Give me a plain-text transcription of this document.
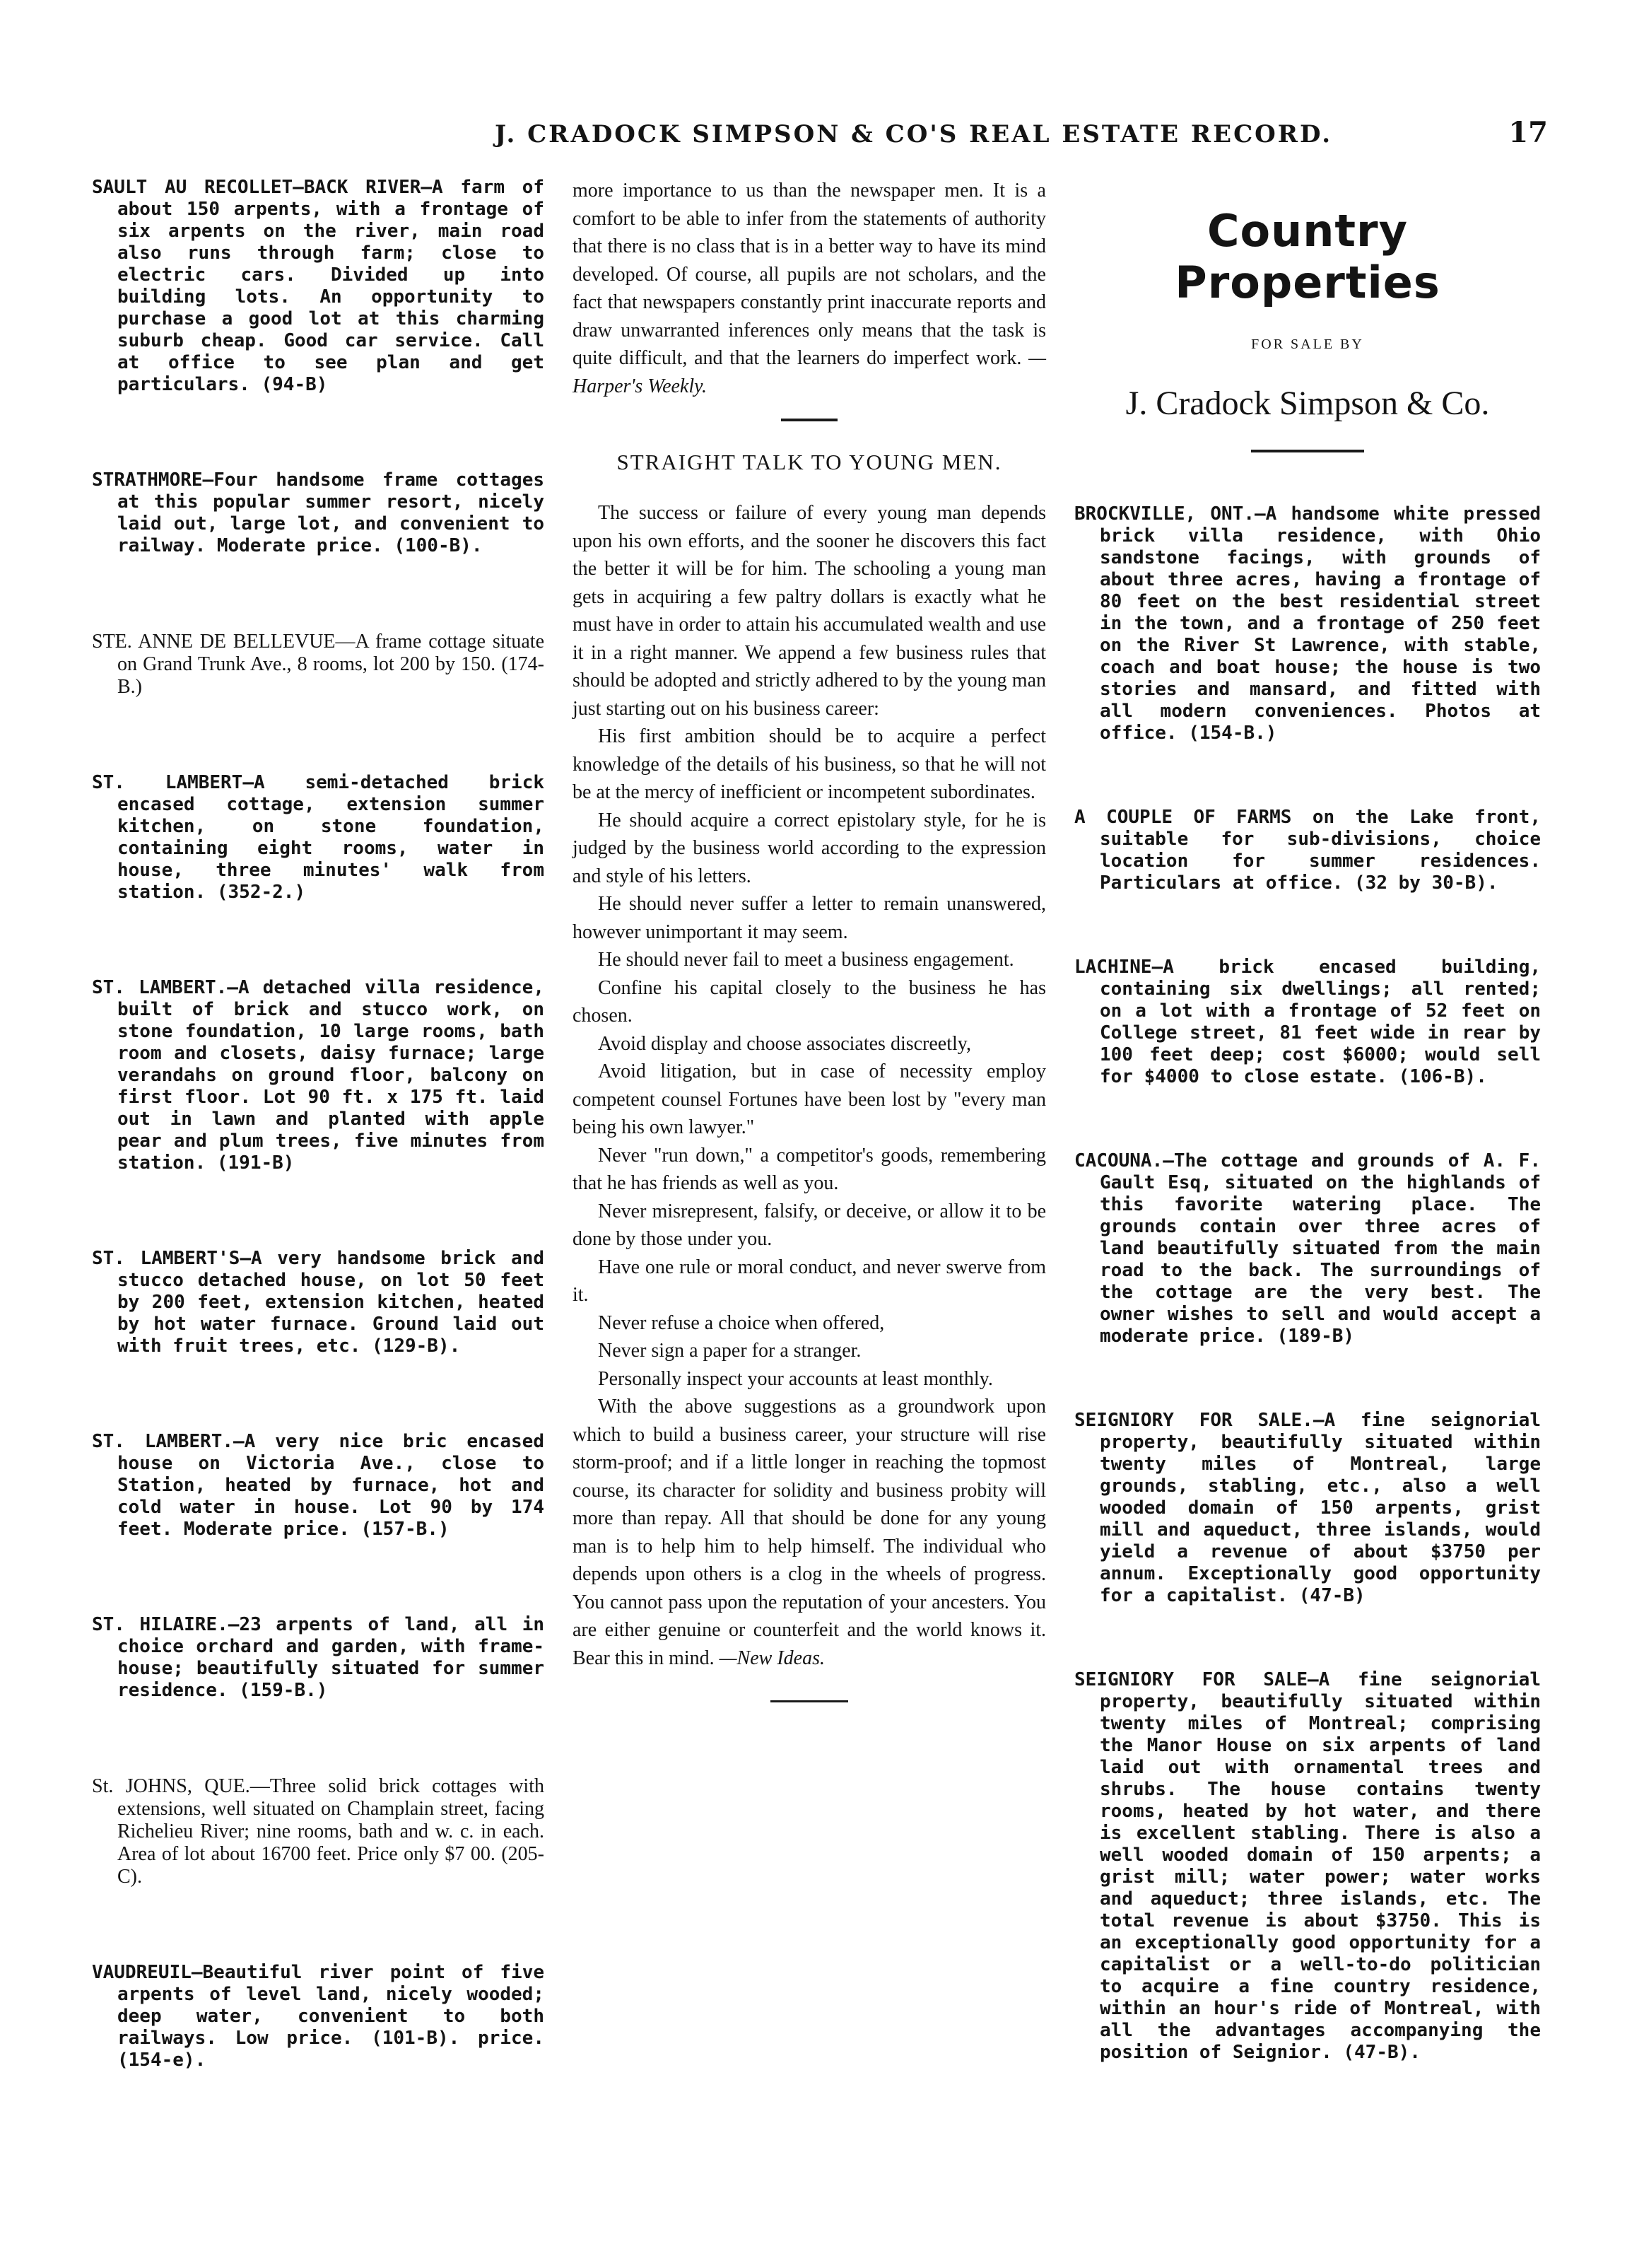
J. CRADOCK SIMPSON & CO'S REAL ESTATE RECORD.	17

SAULT AU RECOLLET—BACK RIVER—A farm of about 150 arpents, with a frontage of six arpents on the river, main road also runs through farm; close to electric cars. Divided up into building lots. An opportunity to purchase a good lot at this charming suburb cheap. Good car service. Call at office to see plan and get particulars. (94-B)

STRATHMORE—Four handsome frame cottages at this popular summer resort, nicely laid out, large lot, and convenient to railway. Moderate price. (100-B).

STE. ANNE DE BELLEVUE—A frame cottage situate on Grand Trunk Ave., 8 rooms, lot 200 by 150. (174-B.)

ST. LAMBERT—A semi-detached brick encased cottage, extension summer kitchen, on stone foundation, containing eight rooms, water in house, three minutes' walk from station. (352-2.)

ST. LAMBERT.—A detached villa residence, built of brick and stucco work, on stone foundation, 10 large rooms, bath room and closets, daisy furnace; large verandahs on ground floor, balcony on first floor. Lot 90 ft. x 175 ft. laid out in lawn and planted with apple pear and plum trees, five minutes from station. (191-B)

ST. LAMBERT'S—A very handsome brick and stucco detached house, on lot 50 feet by 200 feet, extension kitchen, heated by hot water furnace. Ground laid out with fruit trees, etc. (129-B).

ST. LAMBERT.—A very nice bric encased house on Victoria Ave., close to Station, heated by furnace, hot and cold water in house. Lot 90 by 174 feet. Moderate price. (157-B.)

ST. HILAIRE.—23 arpents of land, all in choice orchard and garden, with frame-house; beautifully situated for summer residence. (159-B.)

St. JOHNS, QUE.—Three solid brick cottages with extensions, well situated on Champlain street, facing Richelieu River; nine rooms, bath and w. c. in each. Area of lot about 16700 feet. Price only $7 00. (205-C).

VAUDREUIL—Beautiful river point of five arpents of level land, nicely wooded; deep water, convenient to both railways. Low price. (101-B). price. (154-e).

more importance to us than the newspaper men. It is a comfort to be able to infer from the statements of authority that there is no class that is in a better way to have its mind developed. Of course, all pupils are not scholars, and the fact that newspapers constantly print inaccurate reports and draw unwarranted inferences only means that the task is quite difficult, and that the learners do imperfect work. —Harper's Weekly.

STRAIGHT TALK TO YOUNG MEN.

The success or failure of every young man depends upon his own efforts, and the sooner he discovers this fact the better it will be for him. The schooling a young man gets in acquiring a few paltry dollars is exactly what he must have in order to attain his accumulated wealth and use it in a right manner. We append a few business rules that should be adopted and strictly adhered to by the young man just starting out on his business career:

His first ambition should be to acquire a perfect knowledge of the details of his business, so that he will not be at the mercy of inefficient or incompetent subordinates.

He should acquire a correct epistolary style, for he is judged by the business world according to the expression and style of his letters.

He should never suffer a letter to remain unanswered, however unimportant it may seem.

He should never fail to meet a business engagement.

Confine his capital closely to the business he has chosen.

Avoid display and choose associates discreetly,

Avoid litigation, but in case of necessity employ competent counsel Fortunes have been lost by "every man being his own lawyer."

Never "run down," a competitor's goods, remembering that he has friends as well as you.

Never misrepresent, falsify, or deceive, or allow it to be done by those under you.

Have one rule or moral conduct, and never swerve from it.

Never refuse a choice when offered,

Never sign a paper for a stranger.

Personally inspect your accounts at least monthly.

With the above suggestions as a groundwork upon which to build a business career, your structure will rise storm-proof; and if a little longer in reaching the topmost course, its character for solidity and business probity will more than repay. All that should be done for any young man is to help him to help himself. The individual who depends upon others is a clog in the wheels of progress. You cannot pass upon the reputation of your ancesters. You are either genuine or counterfeit and the world knows it. Bear this in mind. —New Ideas.

Country Properties
FOR SALE BY
J. Cradock Simpson & Co.

BROCKVILLE, ONT.—A handsome white pressed brick villa residence, with Ohio sandstone facings, with grounds of about three acres, having a frontage of 80 feet on the best residential street in the town, and a frontage of 250 feet on the River St Lawrence, with stable, coach and boat house; the house is two stories and mansard, and fitted with all modern conveniences. Photos at office. (154-B.)

A COUPLE OF FARMS on the Lake front, suitable for sub-divisions, choice location for summer residences. Particulars at office. (32 by 30-B).

LACHINE—A brick encased building, containing six dwellings; all rented; on a lot with a frontage of 52 feet on College street, 81 feet wide in rear by 100 feet deep; cost $6000; would sell for $4000 to close estate. (106-B).

CACOUNA.—The cottage and grounds of A. F. Gault Esq, situated on the highlands of this favorite watering place. The grounds contain over three acres of land beautifully situated from the main road to the back. The surroundings of the cottage are the very best. The owner wishes to sell and would accept a moderate price. (189-B)

SEIGNIORY FOR SALE.—A fine seignorial property, beautifully situated within twenty miles of Montreal, large grounds, stabling, etc., also a well wooded domain of 150 arpents, grist mill and aqueduct, three islands, would yield a revenue of about $3750 per annum. Exceptionally good opportunity for a capitalist. (47-B)

SEIGNIORY FOR SALE—A fine seignorial property, beautifully situated within twenty miles of Montreal; comprising the Manor House on six arpents of land laid out with ornamental trees and shrubs. The house contains twenty rooms, heated by hot water, and there is excellent stabling. There is also a well wooded domain of 150 arpents; a grist mill; water power; water works and aqueduct; three islands, etc. The total revenue is about $3750. This is an exceptionally good opportunity for a capitalist or a well-to-do politician to acquire a fine country residence, within an hour's ride of Montreal, with all the advantages accompanying the position of Seignior. (47-B).
